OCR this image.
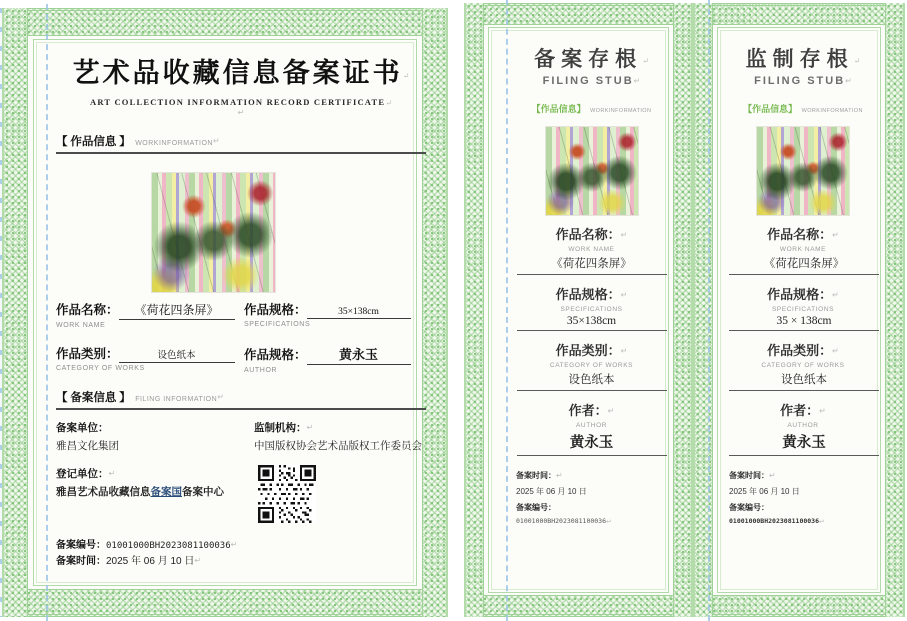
艺术品收藏信息备案证书↵
ART COLLECTION INFORMATION RECORD CERTIFICATE↵
↵
【 作品信息 】 WORKINFORMATION↵
作品名称： 《荷花四条屏》
WORK NAME
作品规格：	35×138cm
SPECIFICATIONS
作品类别：	设色纸本
CATEGORY OF WORKS
作品规格： 黄永玉
AUTHOR
【 备案信息 】 FILING INFORMATION↵
备案单位：
雅昌文化集团
监制机构：↵
中国版权协会艺术品版权工作委员会
登记单位：↵
雅昌艺术品收藏信息备案国备案中心
备案编号：01001000BH2023081100036↵
备案时间：2025 年 06 月 10 日↵
备案存根↵
FILING STUB↵
【作品信息】 WORKINFORMATION
作品名称：↵
WORK NAME
《荷花四条屏》
作品规格：↵
SPECIFICATIONS
35×138cm
作品类别：↵
CATEGORY OF WORKS
设色纸本
作者：↵
AUTHOR
黄永玉
备案时间：↵
2025 年 06 月 10 日
备案编号：
01001000BH2023081100036↵
监制存根↵
FILING STUB↵
【作品信息】 WORKINFORMATION
作品名称：↵
WORK NAME
《荷花四条屏》
作品规格：↵
SPECIFICATIONS
35 × 138cm
作品类别：↵
CATEGORY OF WORKS
设色纸本
作者：↵
AUTHOR
黄永玉
备案时间：↵
2025 年 06 月 10 日
备案编号：
01001000BH2023081100036↵
